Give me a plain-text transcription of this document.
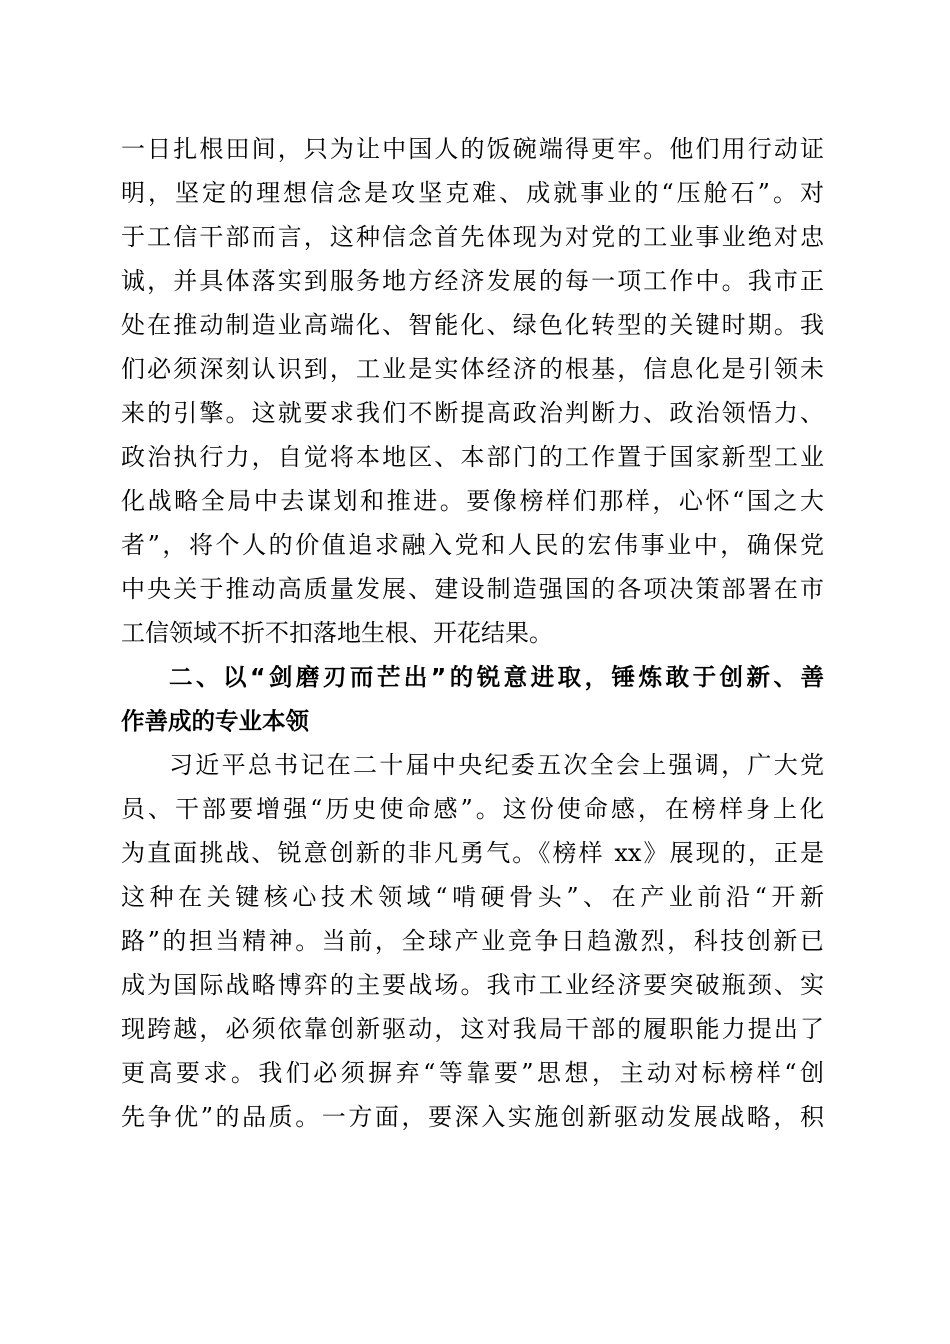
一日扎根田间，只为让中国人的饭碗端得更牢。他们用行动证
明，坚定的理想信念是攻坚克难、成就事业的“压舱石”。对
于工信干部而言，这种信念首先体现为对党的工业事业绝对忠
诚，并具体落实到服务地方经济发展的每一项工作中。我市正
处在推动制造业高端化、智能化、绿色化转型的关键时期。我
们必须深刻认识到，工业是实体经济的根基，信息化是引领未
来的引擎。这就要求我们不断提高政治判断力、政治领悟力、
政治执行力，自觉将本地区、本部门的工作置于国家新型工业
化战略全局中去谋划和推进。要像榜样们那样，心怀“国之大
者”，将个人的价值追求融入党和人民的宏伟事业中，确保党
中央关于推动高质量发展、建设制造强国的各项决策部署在市
工信领域不折不扣落地生根、开花结果。
二、以“剑磨刃而芒出”的锐意进取，锤炼敢于创新、善
作善成的专业本领
习近平总书记在二十届中央纪委五次全会上强调，广大党
员、干部要增强“历史使命感”。这份使命感，在榜样身上化
为直面挑战、锐意创新的非凡勇气。《榜样 xx》展现的，正是
这种在关键核心技术领域“啃硬骨头”、在产业前沿“开新
路”的担当精神。当前，全球产业竞争日趋激烈，科技创新已
成为国际战略博弈的主要战场。我市工业经济要突破瓶颈、实
现跨越，必须依靠创新驱动，这对我局干部的履职能力提出了
更高要求。我们必须摒弃“等靠要”思想，主动对标榜样“创
先争优”的品质。一方面，要深入实施创新驱动发展战略，积
